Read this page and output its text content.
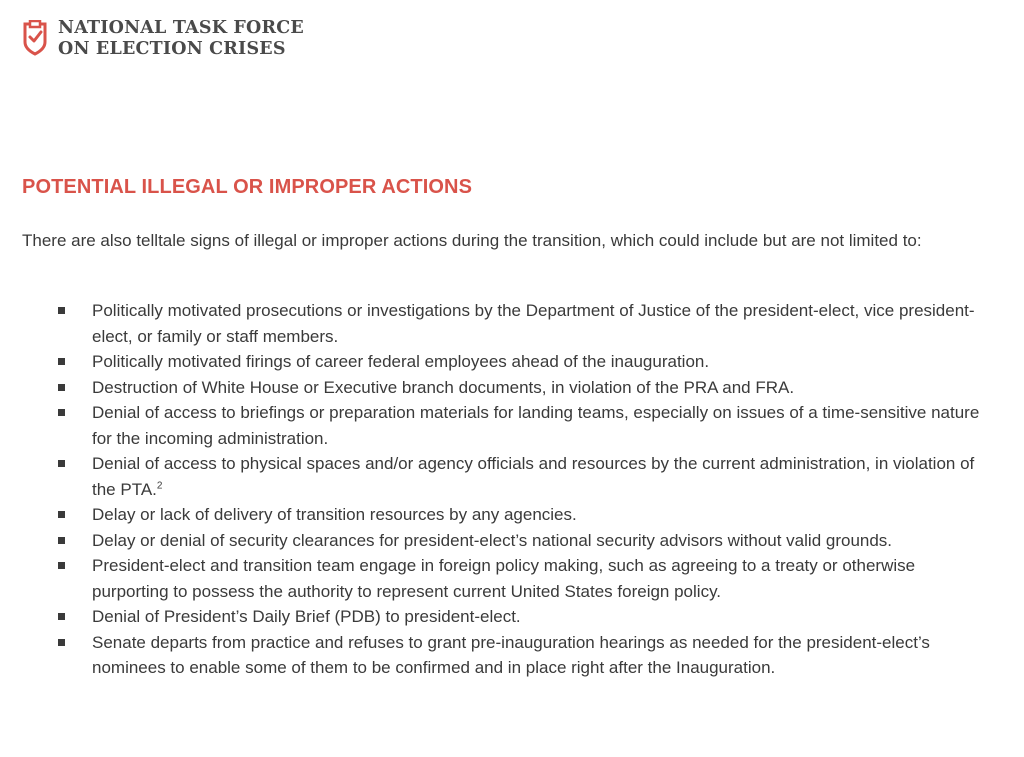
NATIONAL TASK FORCE
ON ELECTION CRISES
POTENTIAL ILLEGAL OR IMPROPER ACTIONS

There are also telltale signs of illegal or improper actions during the transition, which could include but are not limited to:

Politically motivated prosecutions or investigations by the Department of Justice of the president-elect, vice president-elect, or family or staff members.
Politically motivated firings of career federal employees ahead of the inauguration.
Destruction of White House or Executive branch documents, in violation of the PRA and FRA.
Denial of access to briefings or preparation materials for landing teams, especially on issues of a time-sensitive nature for the incoming administration.
Denial of access to physical spaces and/or agency officials and resources by the current administration, in violation of the PTA.$^2$
Delay or lack of delivery of transition resources by any agencies.
Delay or denial of security clearances for president-elect’s national security advisors without valid grounds.
President-elect and transition team engage in foreign policy making, such as agreeing to a treaty or otherwise purporting to possess the authority to represent current United States foreign policy.
Denial of President’s Daily Brief (PDB) to president-elect.
Senate departs from practice and refuses to grant pre-inauguration hearings as needed for the president-elect’s nominees to enable some of them to be confirmed and in place right after the Inauguration.
